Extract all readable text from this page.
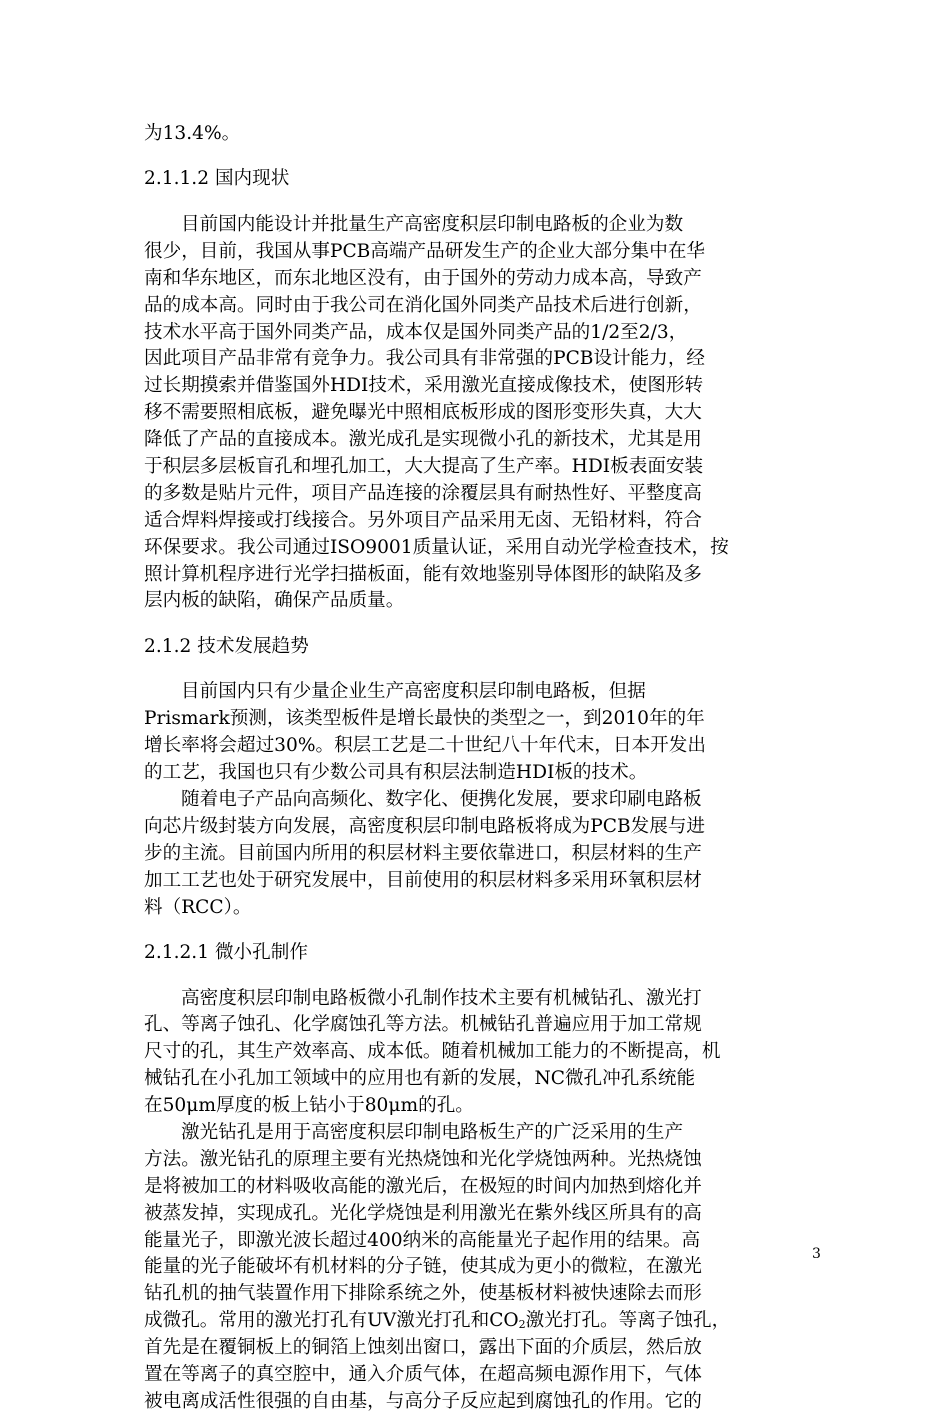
为13.4%。

2.1.1.2 国内现状

目前国内能设计并批量生产高密度积层印制电路板的企业为数

很少，目前，我国从事PCB高端产品研发生产的企业大部分集中在华

南和华东地区，而东北地区没有，由于国外的劳动力成本高，导致产

品的成本高。同时由于我公司在消化国外同类产品技术后进行创新，

技术水平高于国外同类产品，成本仅是国外同类产品的1/2至2/3，

因此项目产品非常有竞争力。我公司具有非常强的PCB设计能力，经

过长期摸索并借鉴国外HDI技术，采用激光直接成像技术，使图形转

移不需要照相底板，避免曝光中照相底板形成的图形变形失真，大大

降低了产品的直接成本。激光成孔是实现微小孔的新技术，尤其是用

于积层多层板盲孔和埋孔加工，大大提高了生产率。HDI板表面安装

的多数是贴片元件，项目产品连接的涂覆层具有耐热性好、平整度高

适合焊料焊接或打线接合。另外项目产品采用无卤、无铅材料，符合

环保要求。我公司通过ISO9001质量认证，采用自动光学检查技术，按

照计算机程序进行光学扫描板面，能有效地鉴别导体图形的缺陷及多

层内板的缺陷，确保产品质量。

2.1.2 技术发展趋势

目前国内只有少量企业生产高密度积层印制电路板，但据

Prismark预测，该类型板件是增长最快的类型之一，到2010年的年

增长率将会超过30%。积层工艺是二十世纪八十年代末，日本开发出

的工艺，我国也只有少数公司具有积层法制造HDI板的技术。

随着电子产品向高频化、数字化、便携化发展，要求印刷电路板

向芯片级封装方向发展，高密度积层印制电路板将成为PCB发展与进

步的主流。目前国内所用的积层材料主要依靠进口，积层材料的生产

加工工艺也处于研究发展中，目前使用的积层材料多采用环氧积层材

料（RCC）。

2.1.2.1 微小孔制作

高密度积层印制电路板微小孔制作技术主要有机械钻孔、激光打

孔、等离子蚀孔、化学腐蚀孔等方法。机械钻孔普遍应用于加工常规

尺寸的孔，其生产效率高、成本低。随着机械加工能力的不断提高，机

械钻孔在小孔加工领域中的应用也有新的发展，NC微孔冲孔系统能

在50μm厚度的板上钻小于80μm的孔。

激光钻孔是用于高密度积层印制电路板生产的广泛采用的生产

方法。激光钻孔的原理主要有光热烧蚀和光化学烧蚀两种。光热烧蚀

是将被加工的材料吸收高能的激光后，在极短的时间内加热到熔化并

被蒸发掉，实现成孔。光化学烧蚀是利用激光在紫外线区所具有的高

能量光子，即激光波长超过400纳米的高能量光子起作用的结果。高

能量的光子能破坏有机材料的分子链，使其成为更小的微粒，在激光

钻孔机的抽气装置作用下排除系统之外，使基板材料被快速除去而形

成微孔。常用的激光打孔有UV激光打孔和$CO_2$激光打孔。等离子蚀孔，

首先是在覆铜板上的铜箔上蚀刻出窗口，露出下面的介质层，然后放

置在等离子的真空腔中，通入介质气体，在超高频电源作用下，气体

被电离成活性很强的自由基，与高分子反应起到腐蚀孔的作用。它的

3
